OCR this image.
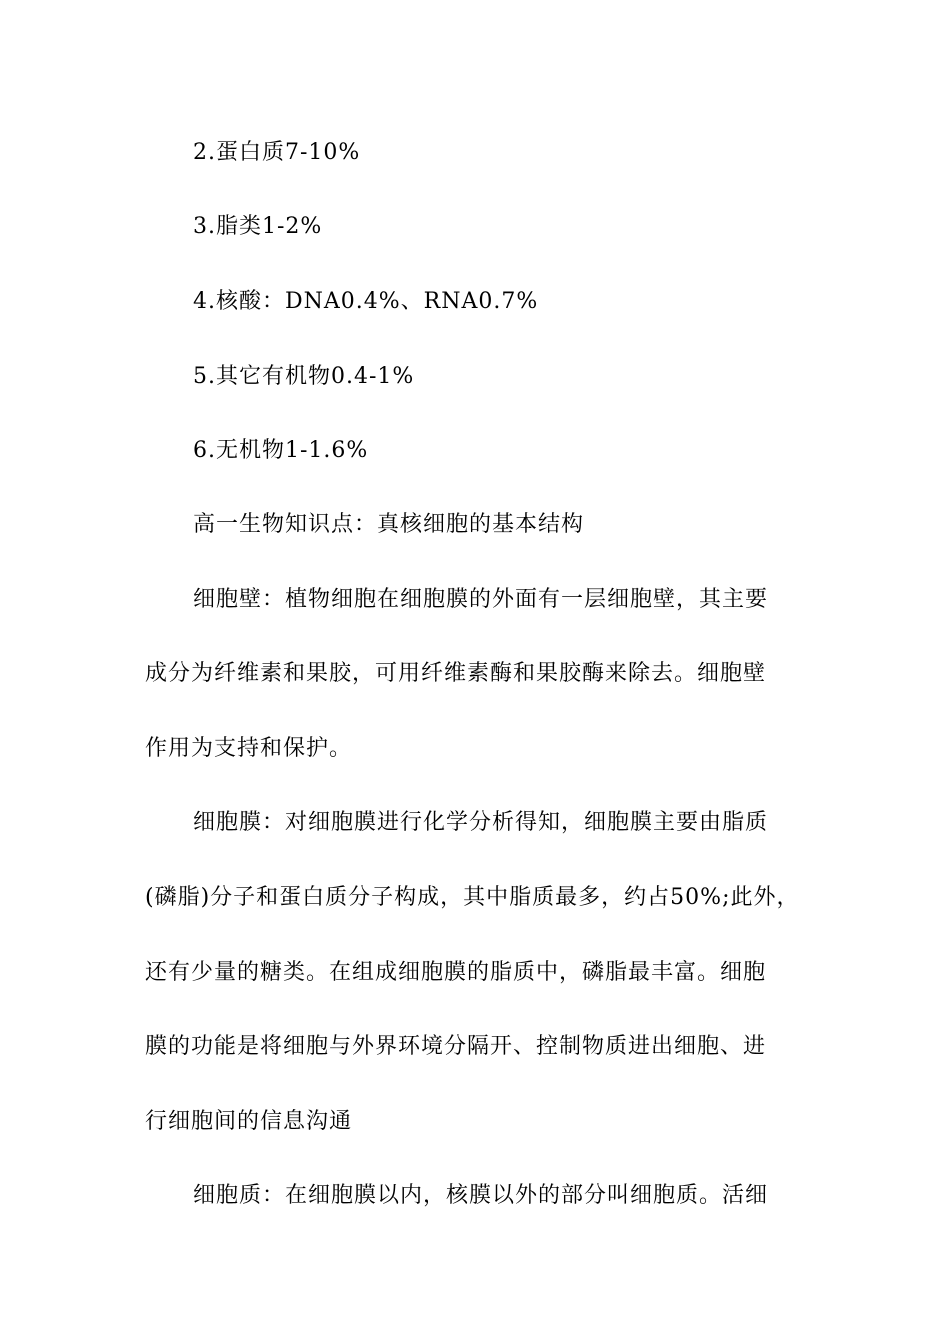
2.蛋白质7-10%
3.脂类1-2%
4.核酸：DNA0.4%、RNA0.7%
5.其它有机物0.4-1%
6.无机物1-1.6%
高一生物知识点：真核细胞的基本结构
细胞壁：植物细胞在细胞膜的外面有一层细胞壁，其主要
成分为纤维素和果胶，可用纤维素酶和果胶酶来除去。细胞壁
作用为支持和保护。
细胞膜：对细胞膜进行化学分析得知，细胞膜主要由脂质
(磷脂)分子和蛋白质分子构成，其中脂质最多，约占50%;此外，
还有少量的糖类。在组成细胞膜的脂质中，磷脂最丰富。细胞
膜的功能是将细胞与外界环境分隔开、控制物质进出细胞、进
行细胞间的信息沟通
细胞质：在细胞膜以内，核膜以外的部分叫细胞质。活细
